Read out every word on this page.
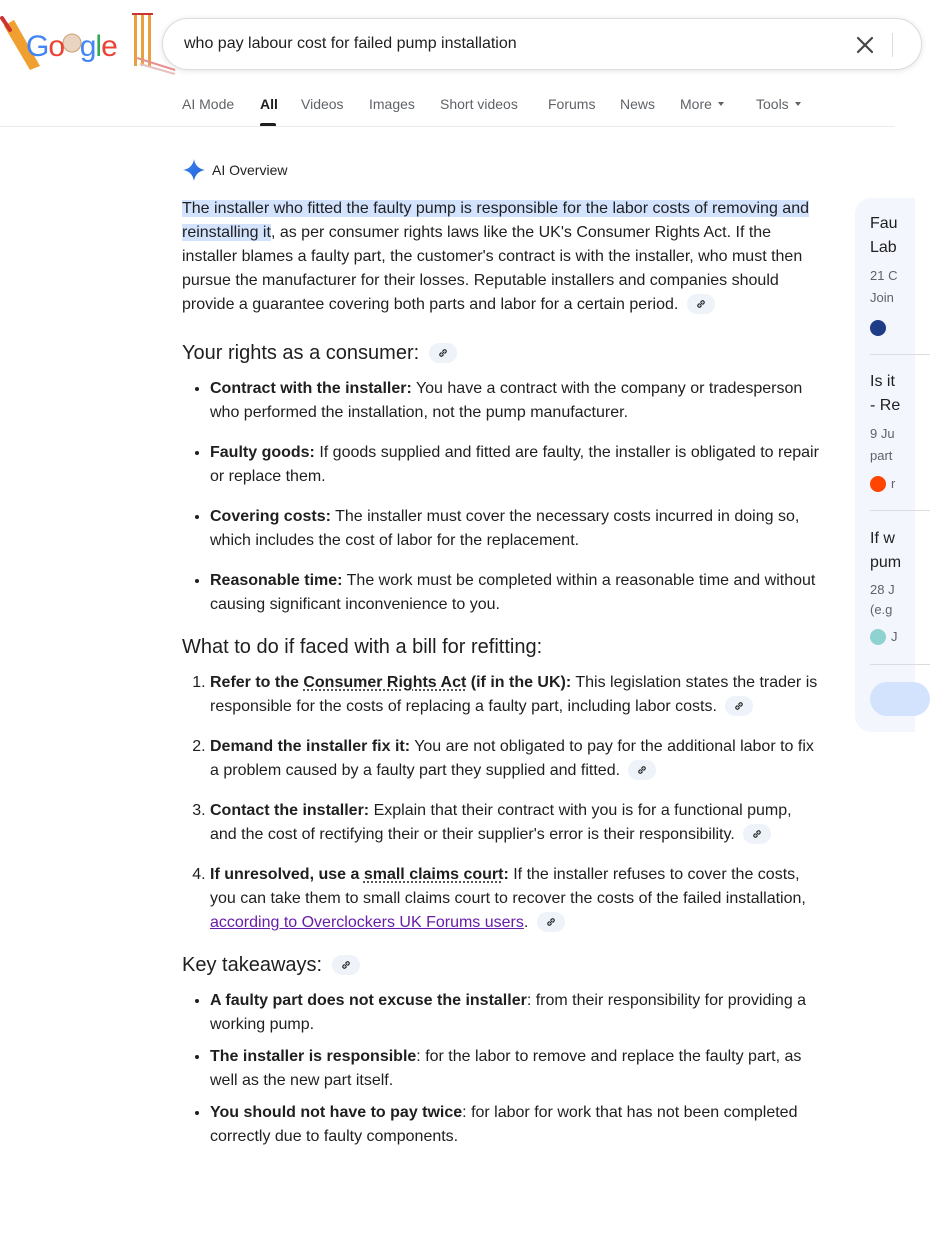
Go gle	who pay labour cost for failed pump installation
AI Mode All Videos Images Short videos Forums News More	Tools
AI Overview

The installer who fitted the faulty pump is responsible for the labor costs of removing and reinstalling it, as per consumer rights laws like the UK's Consumer Rights Act. If the installer blames a faulty part, the customer's contract is with the installer, who must then pursue the manufacturer for their losses. Reputable installers and companies should provide a guarantee covering both parts and labor for a certain period.

Your rights as a consumer:
• Contract with the installer: You have a contract with the company or tradesperson who performed the installation, not the pump manufacturer.
• Faulty goods: If goods supplied and fitted are faulty, the installer is obligated to repair or replace them.
• Covering costs: The installer must cover the necessary costs incurred in doing so, which includes the cost of labor for the replacement.
• Reasonable time: The work must be completed within a reasonable time and without causing significant inconvenience to you.
What to do if faced with a bill for refitting:
1. Refer to the Consumer Rights Act (if in the UK): This legislation states the trader is responsible for the costs of replacing a faulty part, including labor costs.
2. Demand the installer fix it: You are not obligated to pay for the additional labor to fix a problem caused by a faulty part they supplied and fitted.
3. Contact the installer: Explain that their contract with you is for a functional pump, and the cost of rectifying their or their supplier's error is their responsibility.
4. If unresolved, use a small claims court: If the installer refuses to cover the costs, you can take them to small claims court to recover the costs of the failed installation, according to Overclockers UK Forums users.
Key takeaways:
• A faulty part does not excuse the installer: from their responsibility for providing a working pump.
• The installer is responsible: for the labor to remove and replace the faulty part, as well as the new part itself.
• You should not have to pay twice: for labor for work that has not been completed correctly due to faulty components.
Fau
Lab
21 C
Join
Is it
- Re
9 Ju
part
r
If w
pum
28 J
(e.g
J
